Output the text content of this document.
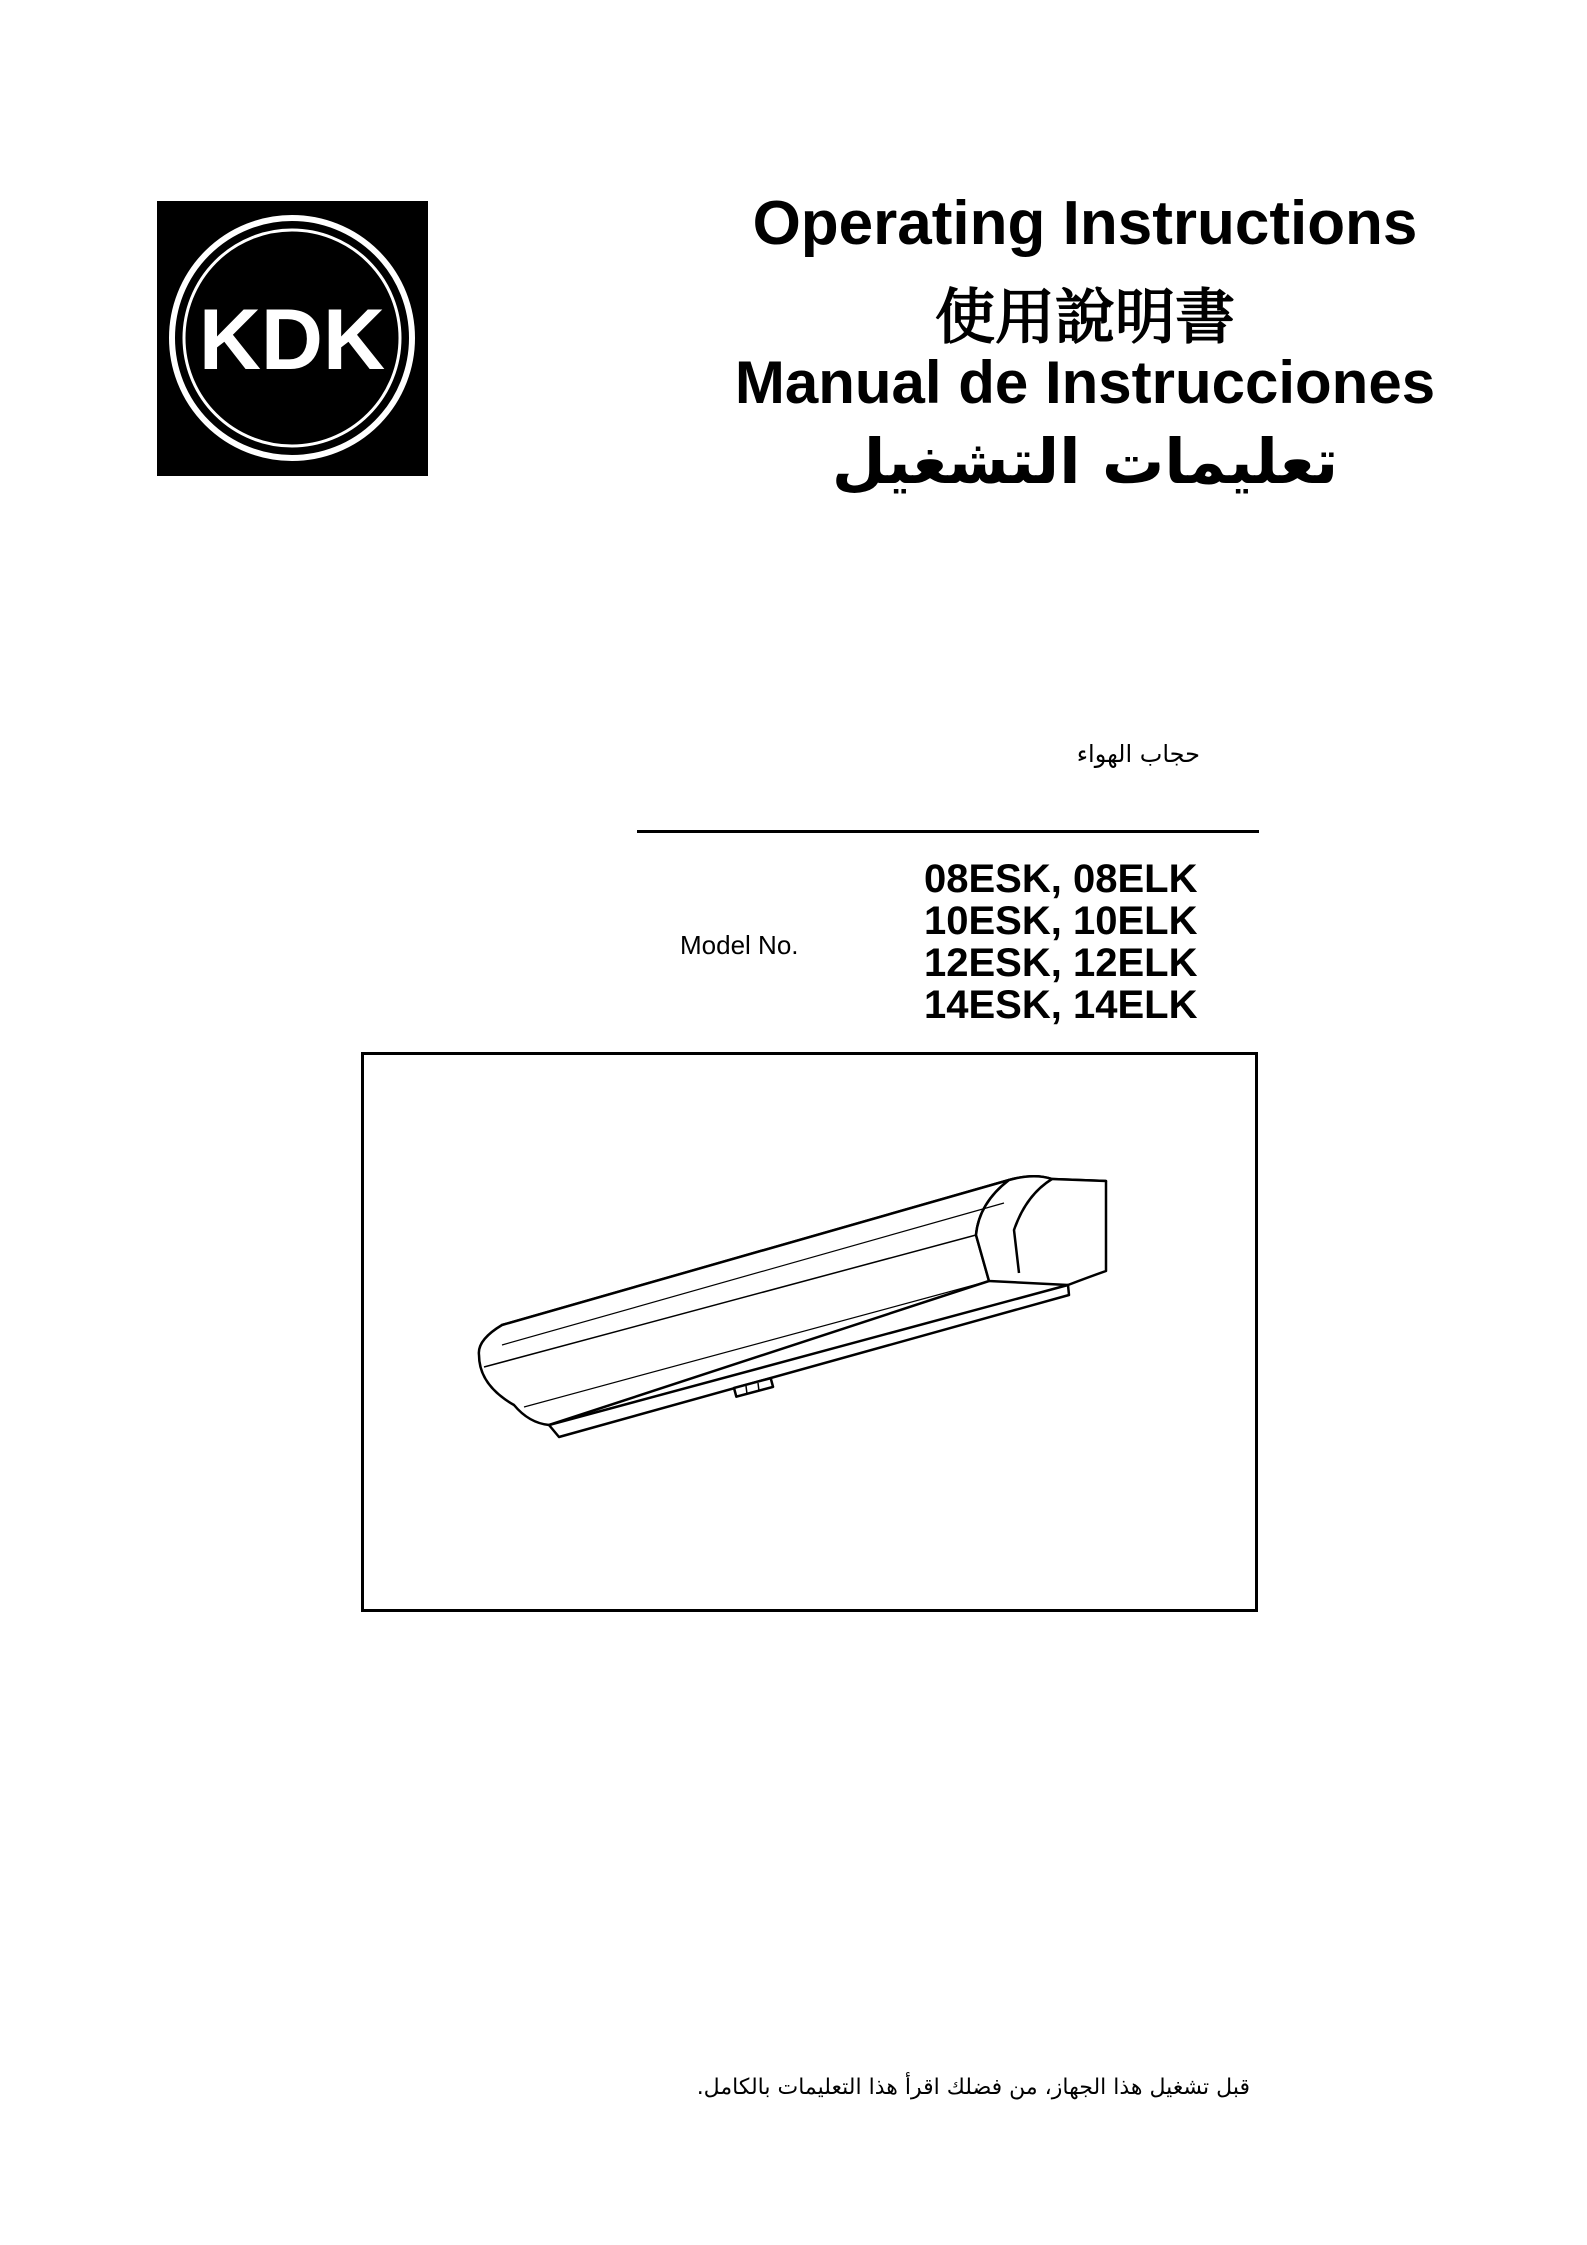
KDK
Operating Instructions
使用說明書
Manual de Instrucciones
تعليمات التشغيل
حجاب الهواء
Model No.
08ESK, 08ELK
10ESK, 10ELK
12ESK, 12ELK
14ESK, 14ELK
قبل تشغيل هذا الجهاز، من فضلك اقرأ هذا التعليمات بالكامل.
